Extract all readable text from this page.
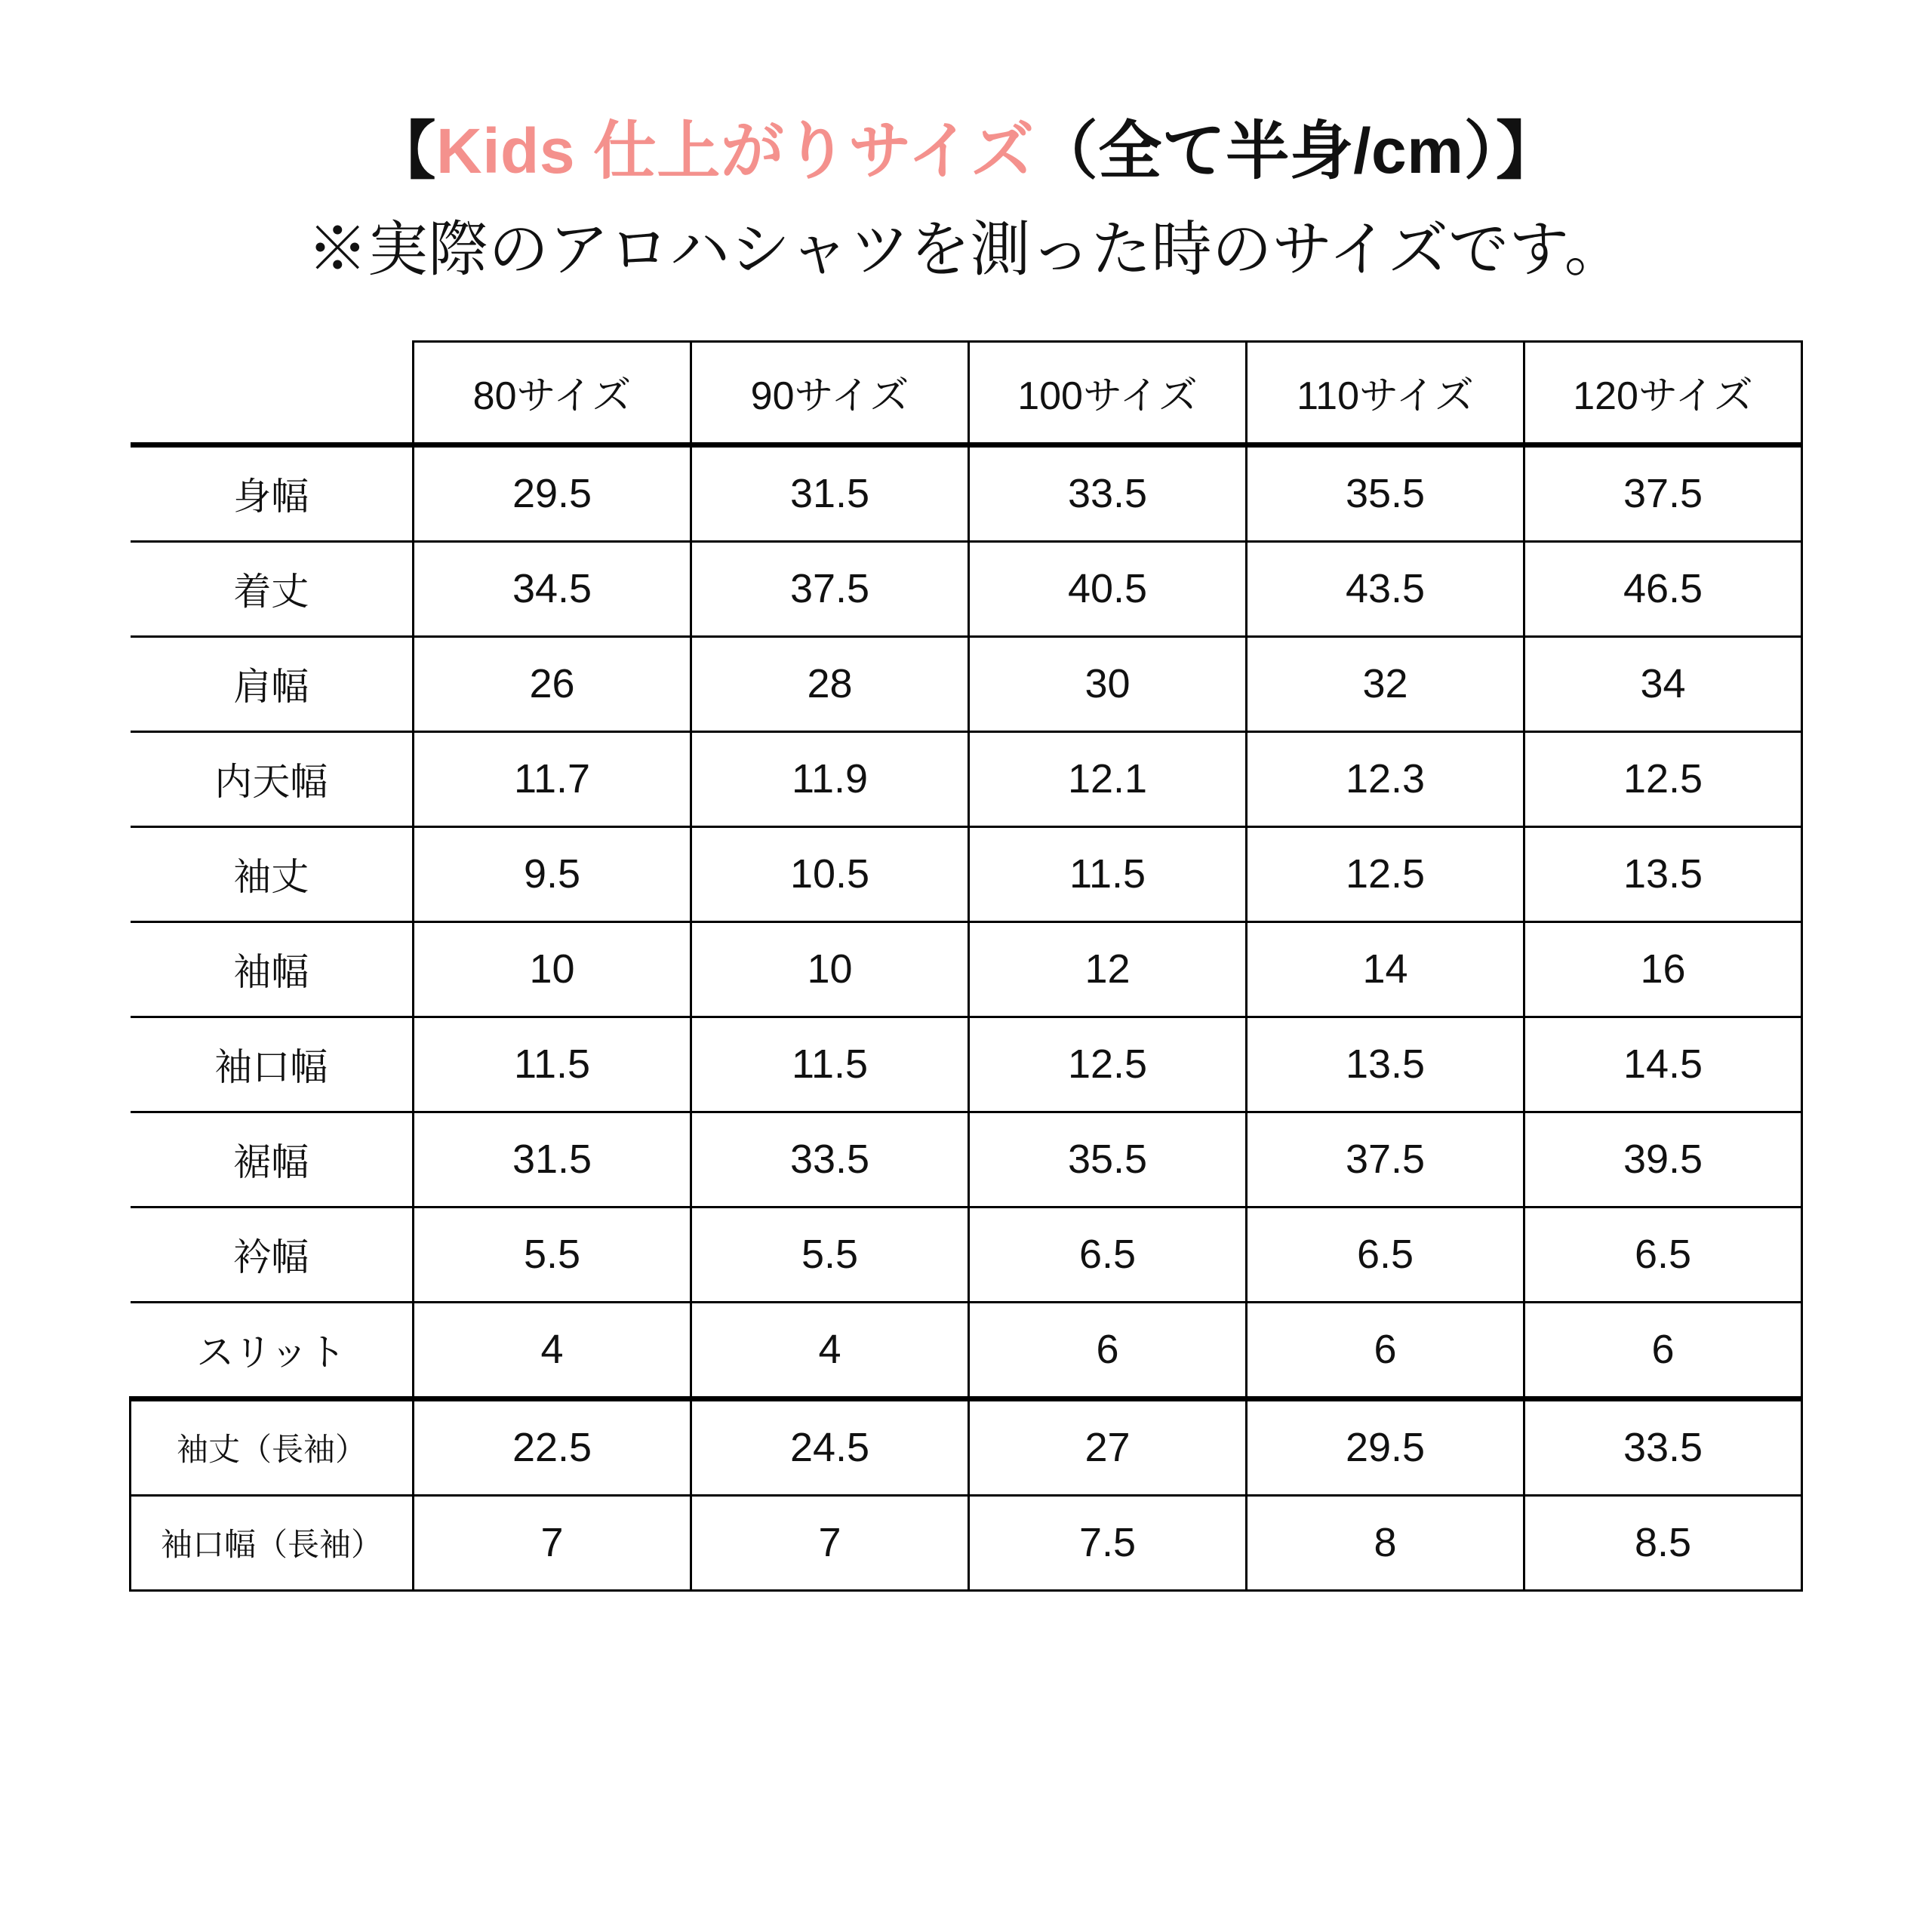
【Kids 仕上がりサイズ（全て半身/cm）】
※実際のアロハシャツを測った時のサイズです。
	80サイズ	90サイズ	100サイズ	110サイズ	120サイズ
身幅	29.5	31.5	33.5	35.5	37.5
着丈	34.5	37.5	40.5	43.5	46.5
肩幅	26	28	30	32	34
内天幅	11.7	11.9	12.1	12.3	12.5
袖丈	9.5	10.5	11.5	12.5	13.5
袖幅	10	10	12	14	16
袖口幅	11.5	11.5	12.5	13.5	14.5
裾幅	31.5	33.5	35.5	37.5	39.5
衿幅	5.5	5.5	6.5	6.5	6.5
スリット	4	4	6	6	6
袖丈（長袖）	22.5	24.5	27	29.5	33.5
袖口幅（長袖）	7	7	7.5	8	8.5
